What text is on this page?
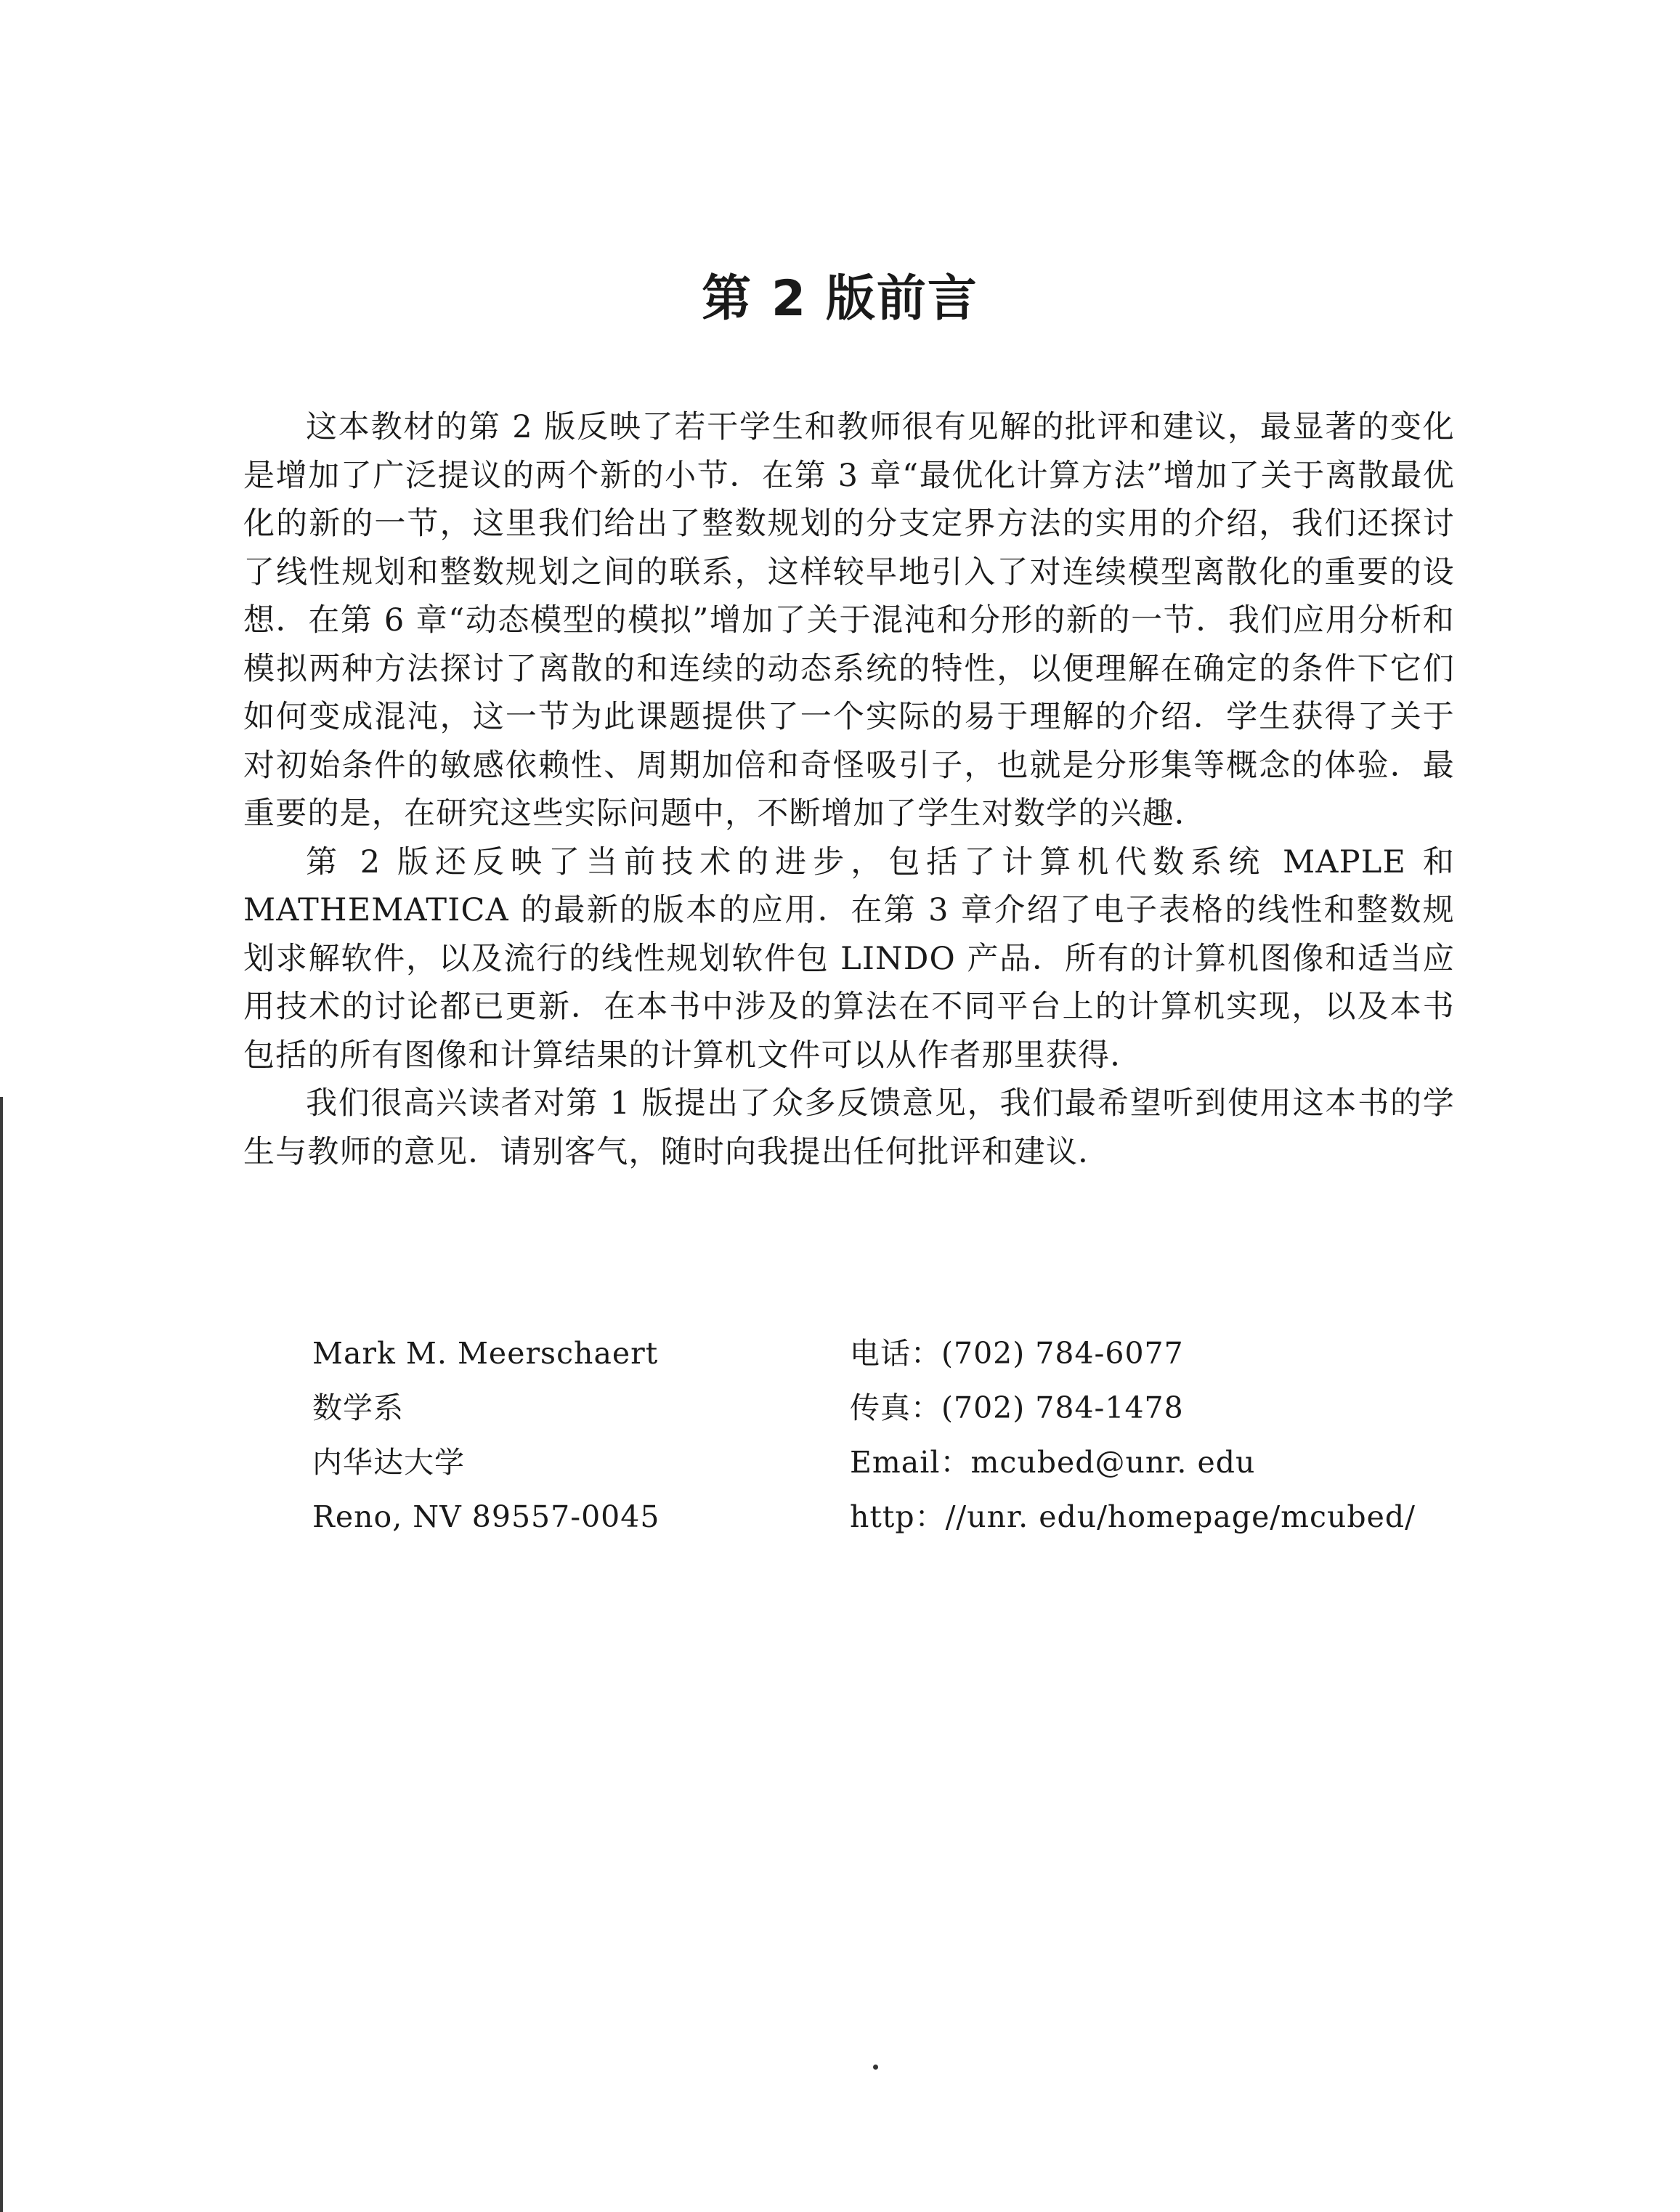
第 2 版前言

这本教材的第 2 版反映了若干学生和教师很有见解的批评和建议，最显著的变化是增加了广泛提议的两个新的小节．在第 3 章“最优化计算方法”增加了关于离散最优化的新的一节，这里我们给出了整数规划的分支定界方法的实用的介绍，我们还探讨了线性规划和整数规划之间的联系，这样较早地引入了对连续模型离散化的重要的设想．在第 6 章“动态模型的模拟”增加了关于混沌和分形的新的一节．我们应用分析和模拟两种方法探讨了离散的和连续的动态系统的特性，以便理解在确定的条件下它们如何变成混沌，这一节为此课题提供了一个实际的易于理解的介绍．学生获得了关于对初始条件的敏感依赖性、周期加倍和奇怪吸引子，也就是分形集等概念的体验．最重要的是，在研究这些实际问题中，不断增加了学生对数学的兴趣．

第 2 版还反映了当前技术的进步，包括了计算机代数系统 MAPLE 和 MATHEMATICA 的最新的版本的应用．在第 3 章介绍了电子表格的线性和整数规划求解软件，以及流行的线性规划软件包 LINDO 产品．所有的计算机图像和适当应用技术的讨论都已更新．在本书中涉及的算法在不同平台上的计算机实现，以及本书包括的所有图像和计算结果的计算机文件可以从作者那里获得．

我们很高兴读者对第 1 版提出了众多反馈意见，我们最希望听到使用这本书的学生与教师的意见．请别客气，随时向我提出任何批评和建议．

Mark M. Meerschaert
数学系
内华达大学
Reno, NV 89557-0045
电话：(702) 784-6077
传真：(702) 784-1478
Email：mcubed@unr. edu
http：//unr. edu/homepage/mcubed/
